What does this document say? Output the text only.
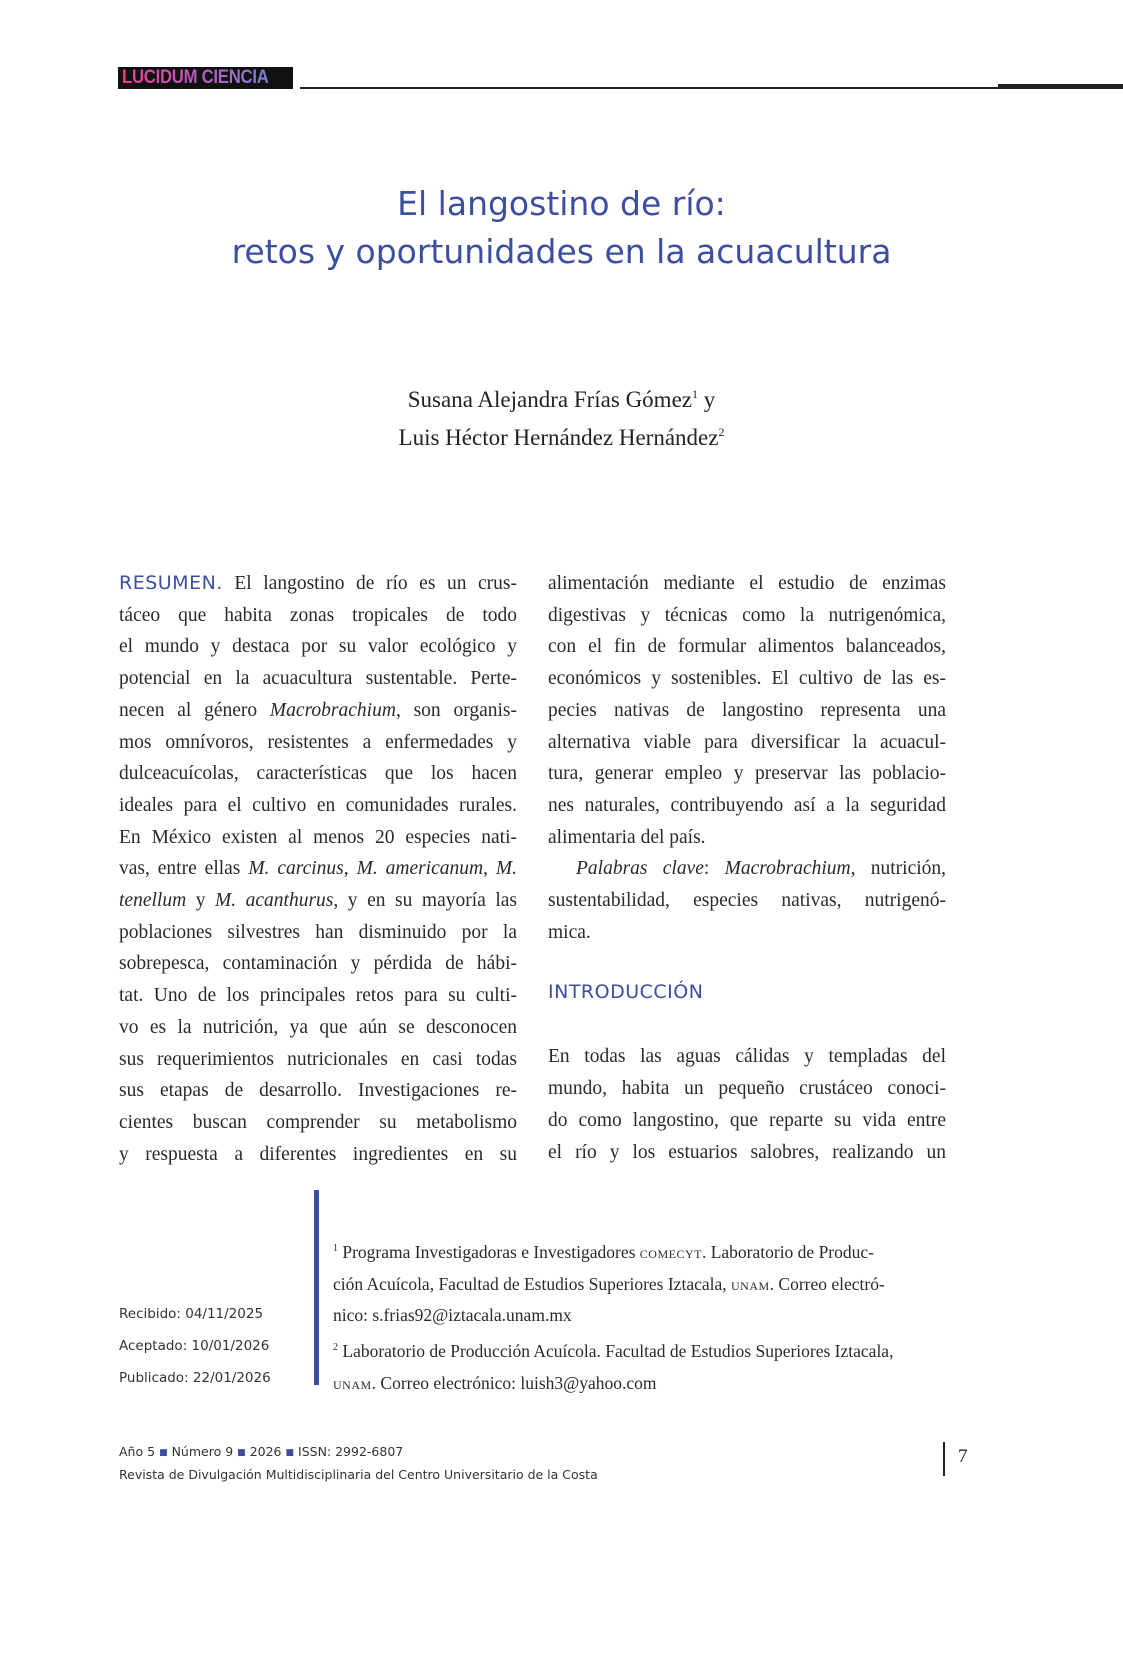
LUCIDUM CIENCIA
El langostino de río:
retos y oportunidades en la acuacultura
Susana Alejandra Frías Gómez$^1$ y
Luis Héctor Hernández Hernández$^2$
RESUMEN. El langostino de río es un crus-
táceo que habita zonas tropicales de todo
el mundo y destaca por su valor ecológico y
potencial en la acuacultura sustentable. Perte-
necen al género Macrobrachium, son organis-
mos omnívoros, resistentes a enfermedades y
dulceacuícolas, características que los hacen
ideales para el cultivo en comunidades rurales.
En México existen al menos 20 especies nati-
vas, entre ellas M. carcinus, M. americanum, M.
tenellum y M. acanthurus, y en su mayoría las
poblaciones silvestres han disminuido por la
sobrepesca, contaminación y pérdida de hábi-
tat. Uno de los principales retos para su culti-
vo es la nutrición, ya que aún se desconocen
sus requerimientos nutricionales en casi todas
sus etapas de desarrollo. Investigaciones re-
cientes buscan comprender su metabolismo
y respuesta a diferentes ingredientes en su
alimentación mediante el estudio de enzimas
digestivas y técnicas como la nutrigenómica,
con el fin de formular alimentos balanceados,
económicos y sostenibles. El cultivo de las es-
pecies nativas de langostino representa una
alternativa viable para diversificar la acuacul-
tura, generar empleo y preservar las poblacio-
nes naturales, contribuyendo así a la seguridad
alimentaria del país.
Palabras clave: Macrobrachium, nutrición,
sustentabilidad, especies nativas, nutrigenó-
mica.
INTRODUCCIÓN
En todas las aguas cálidas y templadas del
mundo, habita un pequeño crustáceo conoci-
do como langostino, que reparte su vida entre
el río y los estuarios salobres, realizando un

$^1$ Programa Investigadoras e Investigadores comecyt. Laboratorio de Produc-
ción Acuícola, Facultad de Estudios Superiores Iztacala, unam. Correo electró-
nico: s.frias92@iztacala.unam.mx

$^2$ Laboratorio de Producción Acuícola. Facultad de Estudios Superiores Iztacala,
unam. Correo electrónico: luish3@yahoo.com

Recibido: 04/11/2025
Aceptado: 10/01/2026
Publicado: 22/01/2026
Año 5 ■ Número 9 ■ 2026 ■ ISSN: 2992-6807
Revista de Divulgación Multidisciplinaria del Centro Universitario de la Costa
7
